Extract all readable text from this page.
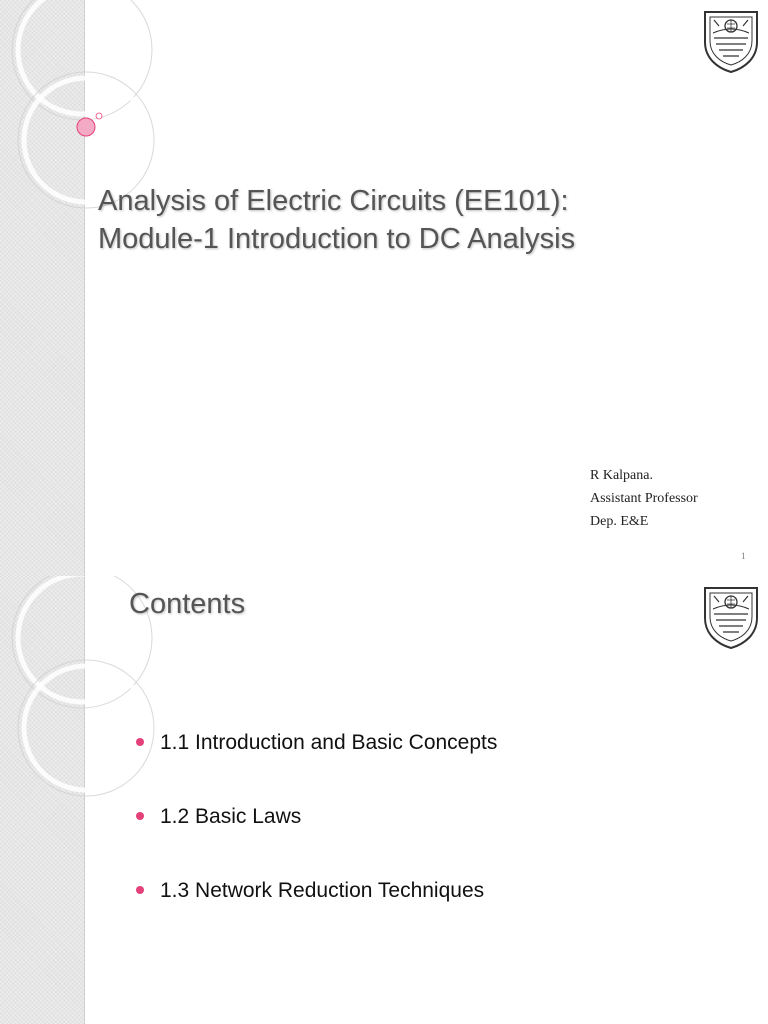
Analysis of Electric Circuits (EE101):
Module-1 Introduction to DC Analysis
R Kalpana.
Assistant Professor
Dep. E&E
1
Contents
1.1 Introduction and Basic Concepts
1.2 Basic Laws
1.3 Network Reduction Techniques
